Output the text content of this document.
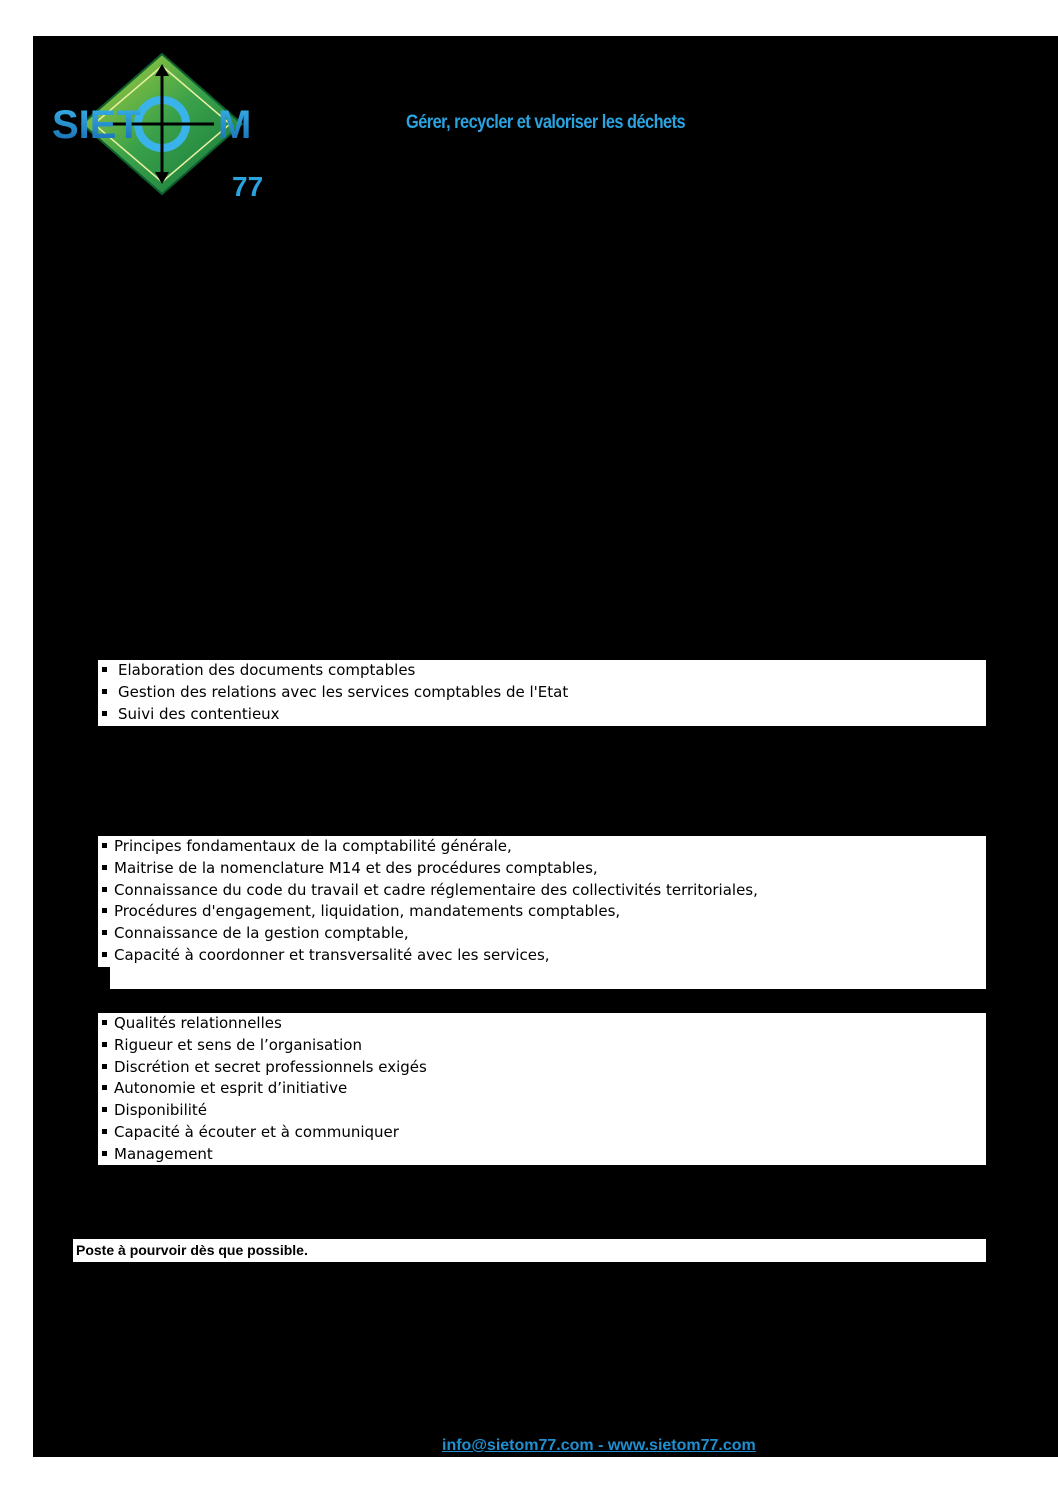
SIET M
77
Gérer, recycler et valoriser les déchets
Elaboration des documents comptables
Gestion des relations avec les services comptables de l'Etat
Suivi des contentieux
Principes fondamentaux de la comptabilité générale,
Maitrise de la nomenclature M14 et des procédures comptables,
Connaissance du code du travail et cadre réglementaire des collectivités territoriales,
Procédures d'engagement, liquidation, mandatements comptables,
Connaissance de la gestion comptable,
Capacité à coordonner et transversalité avec les services,
Qualités relationnelles
Rigueur et sens de l’organisation
Discrétion et secret professionnels exigés
Autonomie et esprit d’initiative
Disponibilité
Capacité à écouter et à communiquer
Management
Poste à pourvoir dès que possible.
info@sietom77.com - www.sietom77.com
